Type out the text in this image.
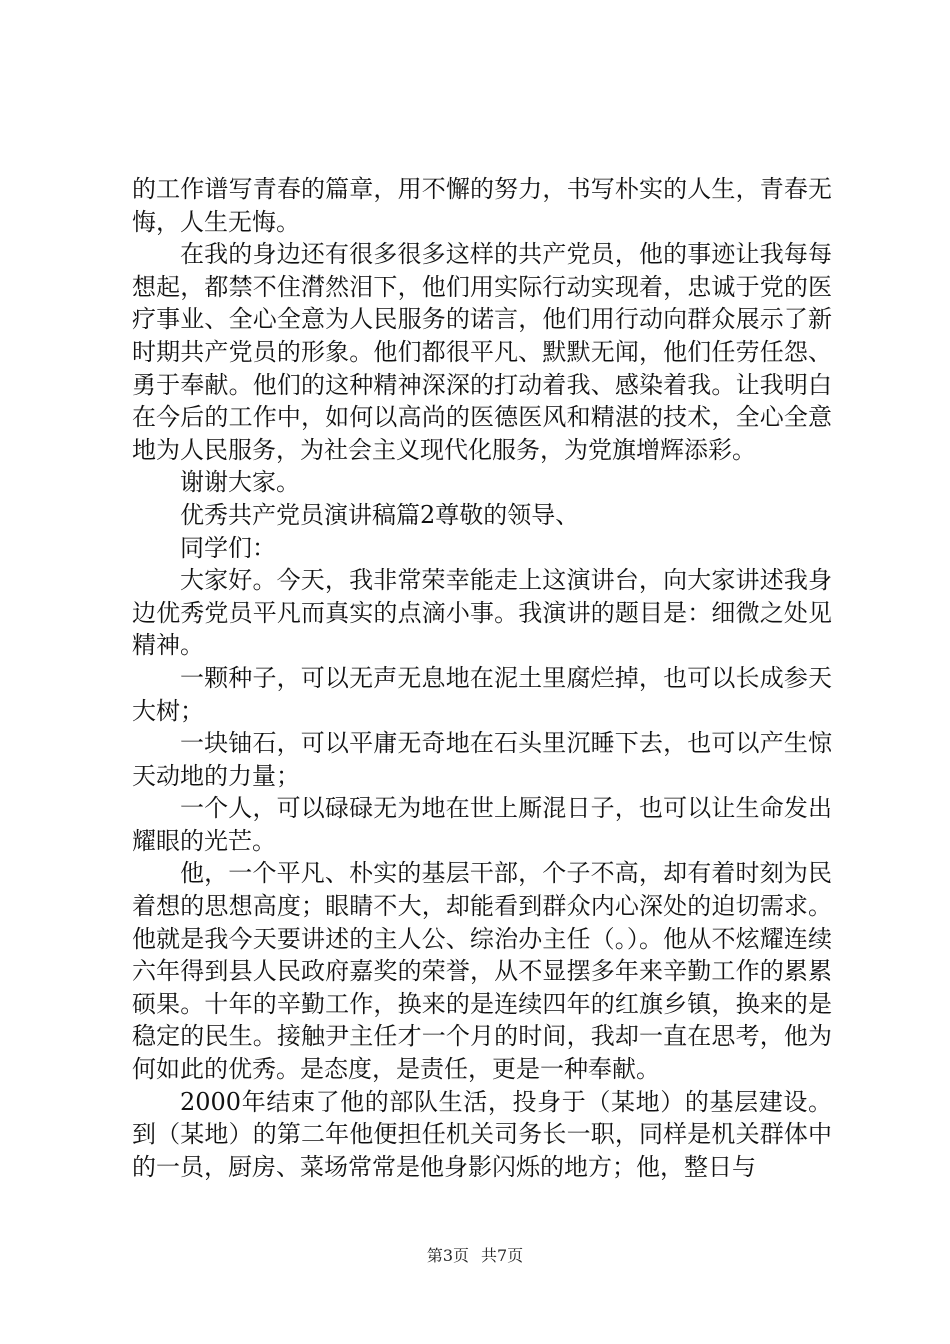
的工作谱写青春的篇章，用不懈的努力，书写朴实的人生，青春无悔，人生无悔。

在我的身边还有很多很多这样的共产党员，他的事迹让我每每想起，都禁不住潸然泪下，他们用实际行动实现着，忠诚于党的医疗事业、全心全意为人民服务的诺言，他们用行动向群众展示了新时期共产党员的形象。他们都很平凡、默默无闻，他们任劳任怨、勇于奉献。他们的这种精神深深的打动着我、感染着我。让我明白在今后的工作中，如何以高尚的医德医风和精湛的技术，全心全意地为人民服务，为社会主义现代化服务，为党旗增辉添彩。

谢谢大家。

优秀共产党员演讲稿篇2尊敬的领导、

同学们：

大家好。今天，我非常荣幸能走上这演讲台，向大家讲述我身边优秀党员平凡而真实的点滴小事。我演讲的题目是：细微之处见精神。

一颗种子，可以无声无息地在泥土里腐烂掉，也可以长成参天大树；

一块铀石，可以平庸无奇地在石头里沉睡下去，也可以产生惊天动地的力量；

一个人，可以碌碌无为地在世上厮混日子，也可以让生命发出耀眼的光芒。

他，一个平凡、朴实的基层干部，个子不高，却有着时刻为民着想的思想高度；眼睛不大，却能看到群众内心深处的迫切需求。他就是我今天要讲述的主人公、综治办主任（。）。他从不炫耀连续六年得到县人民政府嘉奖的荣誉，从不显摆多年来辛勤工作的累累硕果。十年的辛勤工作，换来的是连续四年的红旗乡镇，换来的是稳定的民生。接触尹主任才一个月的时间，我却一直在思考，他为何如此的优秀。是态度，是责任，更是一种奉献。

2000年结束了他的部队生活，投身于（某地）的基层建设。到（某地）的第二年他便担任机关司务长一职，同样是机关群体中的一员，厨房、菜场常常是他身影闪烁的地方；他，整日与

第3页 共7页
